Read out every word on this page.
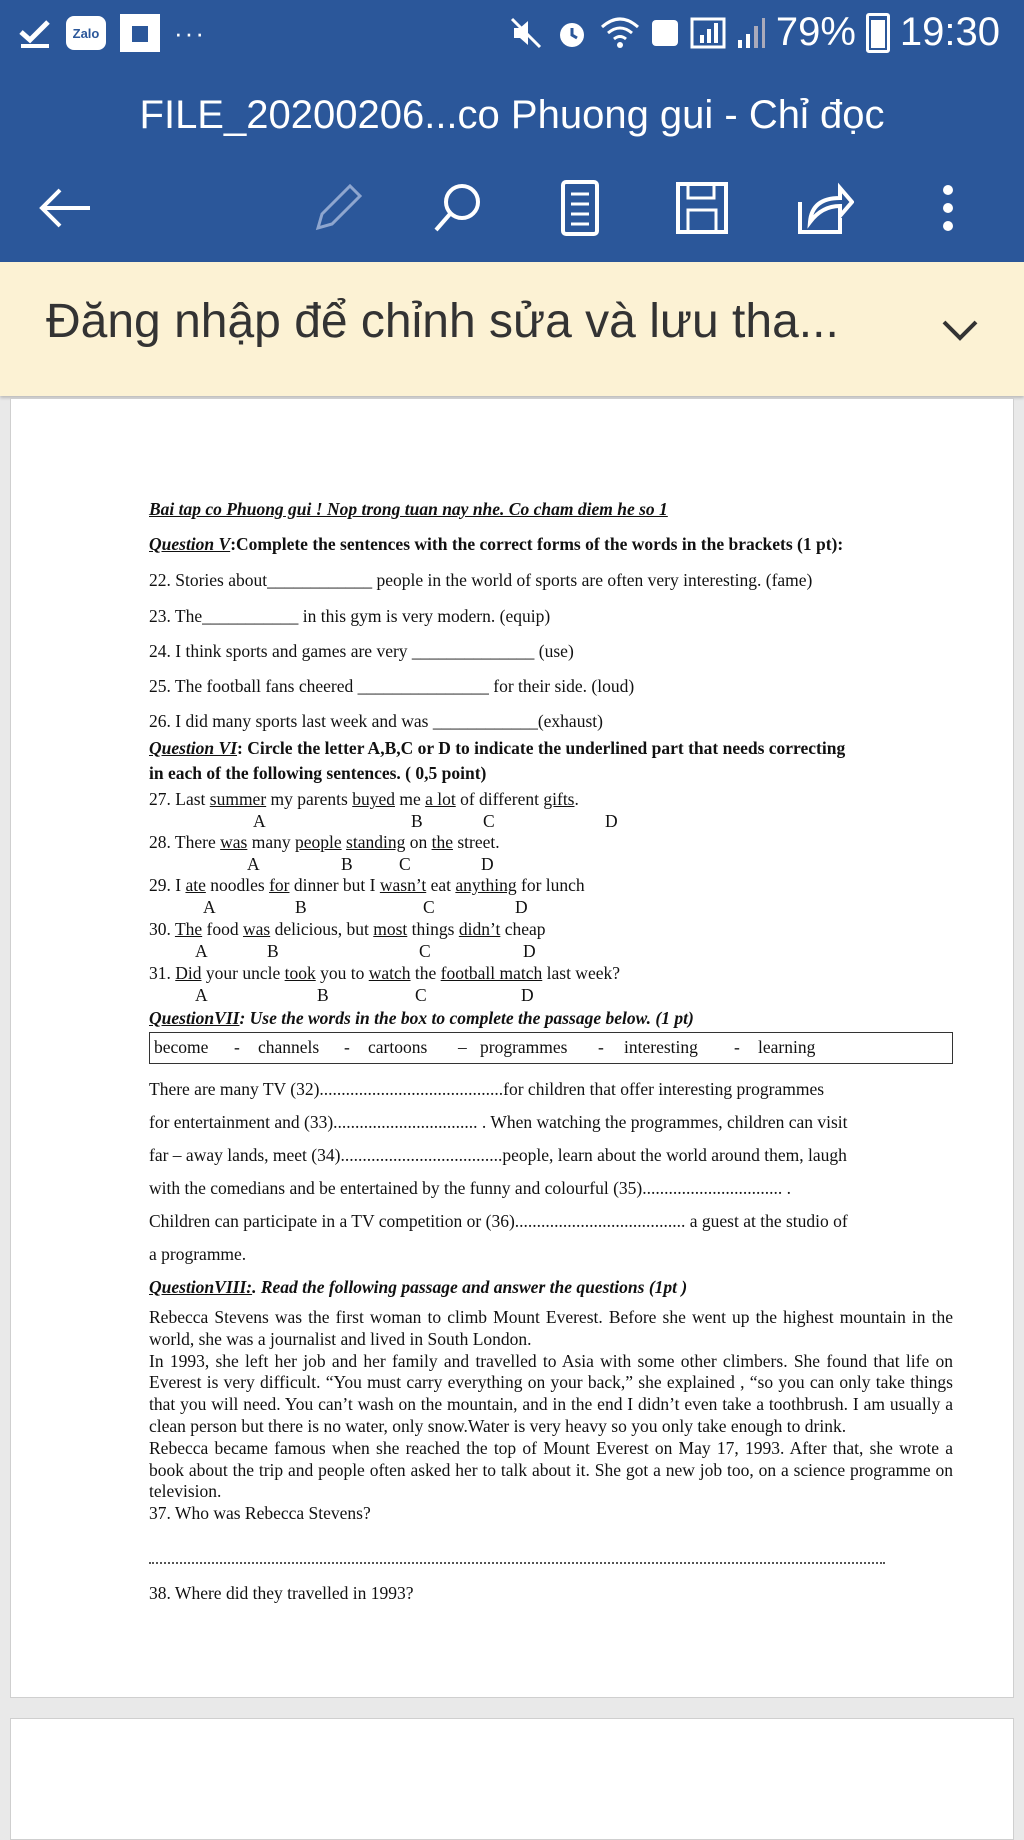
Zalo	···	79% 19:30
FILE_20200206...co Phuong gui - Chỉ đọc
Đăng nhập để chỉnh sửa và lưu tha...
Bai tap co Phuong gui ! Nop trong tuan nay nhe. Co cham diem he so 1
Question V:Complete the sentences with the correct forms of the words in the brackets (1 pt):
22. Stories about____________ people in the world of sports are often very interesting. (fame)
23. The___________ in this gym is very modern. (equip)
24. I think sports and games are very ______________ (use)
25. The football fans cheered _______________ for their side. (loud)
26. I did many sports last week and was ____________(exhaust)
Question VI: Circle the letter A,B,C or D to indicate the underlined part that needs correcting
in each of the following sentences. ( 0,5 point)
27. Last summer my parents buyed me a lot of different gifts.
A	B	C	D
28. There was many people standing on the street.
A	B	C	D
29. I ate noodles for dinner but I wasn’t eat anything for lunch
A	B	C	D
30. The food was delicious, but most things didn’t cheap
A	B	C	D
31. Did your uncle took you to watch the football match last week?
A	B	C	D
QuestionVII: Use the words in the box to complete the passage below. (1 pt)
become - channels - cartoons – programmes - interesting - learning
There are many TV (32)..........................................for children that offer interesting programmes
for entertainment and (33)................................. . When watching the programmes, children can visit
far – away lands, meet (34).....................................people, learn about the world around them, laugh
with the comedians and be entertained by the funny and colourful (35)................................ .
Children can participate in a TV competition or (36)....................................... a guest at the studio of
a programme.
QuestionVIII:. Read the following passage and answer the questions (1pt )
Rebecca Stevens was the first woman to climb Mount Everest. Before she went up the highest mountain in the world, she was a journalist and lived in South London.
In 1993, she left her job and her family and travelled to Asia with some other climbers. She found that life on Everest is very difficult. “You must carry everything on your back,” she explained , “so you can only take things that you will need. You can’t wash on the mountain, and in the end I didn’t even take a toothbrush. I am usually a clean person but there is no water, only snow.Water is very heavy so you only take enough to drink.
Rebecca became famous when she reached the top of Mount Everest on May 17, 1993. After that, she wrote a book about the trip and people often asked her to talk about it. She got a new job too, on a science programme on television.
37. Who was Rebecca Stevens?
38. Where did they travelled in 1993?
